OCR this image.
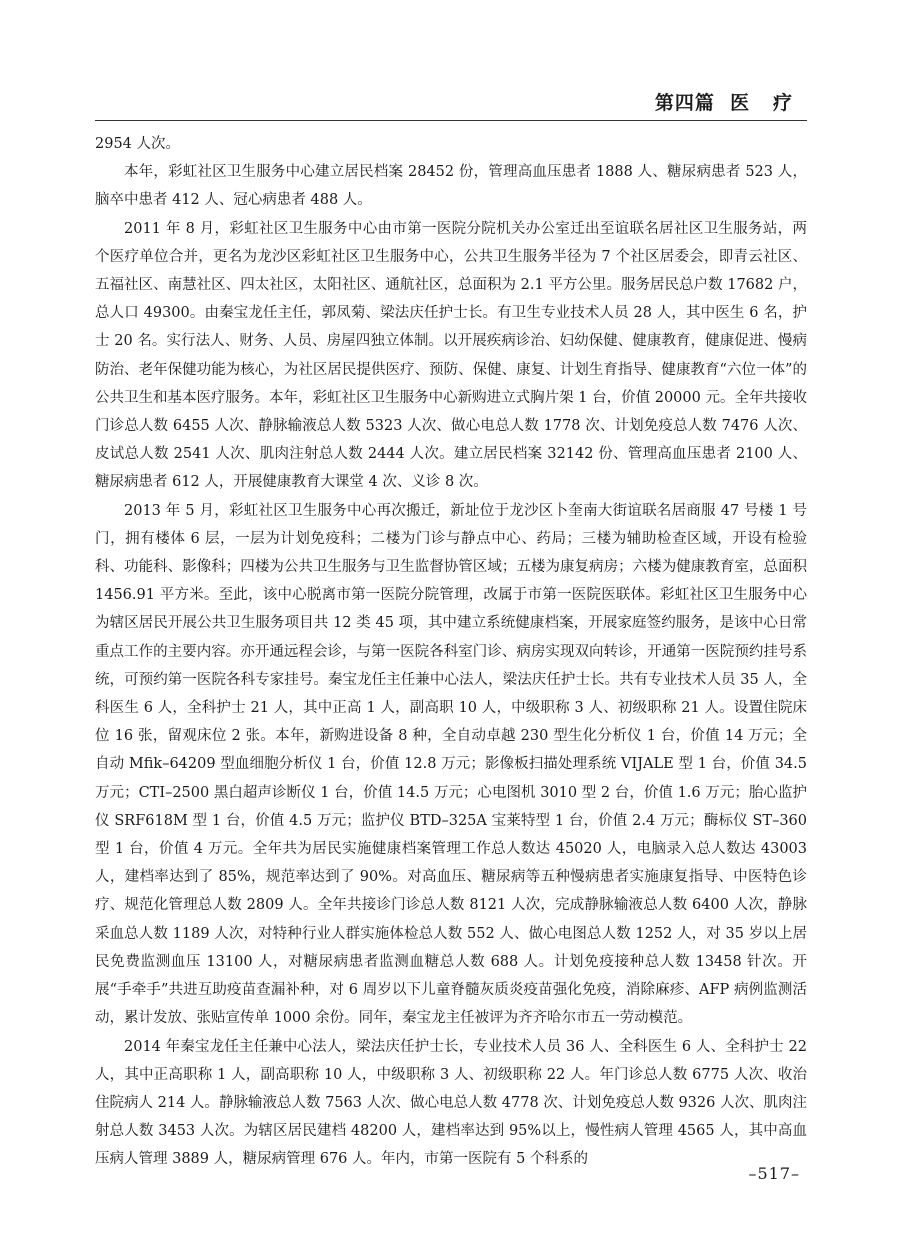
第四篇  医   疗

2954 人次。

本年，彩虹社区卫生服务中心建立居民档案 28452 份，管理高血压患者 1888 人、糖尿病患者 523 人，脑卒中患者 412 人、冠心病患者 488 人。

2011 年 8 月，彩虹社区卫生服务中心由市第一医院分院机关办公室迁出至谊联名居社区卫生服务站，两个医疗单位合并，更名为龙沙区彩虹社区卫生服务中心，公共卫生服务半径为 7 个社区居委会，即青云社区、五福社区、南慧社区、四太社区，太阳社区、通航社区，总面积为 2.1 平方公里。服务居民总户数 17682 户，总人口 49300。由秦宝龙任主任，郭凤菊、梁法庆任护士长。有卫生专业技术人员 28 人，其中医生 6 名，护士 20 名。实行法人、财务、人员、房屋四独立体制。以开展疾病诊治、妇幼保健、健康教育，健康促进、慢病防治、老年保健功能为核心，为社区居民提供医疗、预防、保健、康复、计划生育指导、健康教育“六位一体”的公共卫生和基本医疗服务。本年，彩虹社区卫生服务中心新购进立式胸片架 1 台，价值 20000 元。全年共接收门诊总人数 6455 人次、静脉输液总人数 5323 人次、做心电总人数 1778 次、计划免疫总人数 7476 人次、皮试总人数 2541 人次、肌肉注射总人数 2444 人次。建立居民档案 32142 份、管理高血压患者 2100 人、糖尿病患者 612 人，开展健康教育大课堂 4 次、义诊 8 次。

2013 年 5 月，彩虹社区卫生服务中心再次搬迁，新址位于龙沙区卜奎南大街谊联名居商服 47 号楼 1 号门，拥有楼体 6 层，一层为计划免疫科；二楼为门诊与静点中心、药局；三楼为辅助检查区域，开设有检验科、功能科、影像科；四楼为公共卫生服务与卫生监督协管区域；五楼为康复病房；六楼为健康教育室，总面积 1456.91 平方米。至此，该中心脱离市第一医院分院管理，改属于市第一医院医联体。彩虹社区卫生服务中心为辖区居民开展公共卫生服务项目共 12 类 45 项，其中建立系统健康档案，开展家庭签约服务，是该中心日常重点工作的主要内容。亦开通远程会诊，与第一医院各科室门诊、病房实现双向转诊，开通第一医院预约挂号系统，可预约第一医院各科专家挂号。秦宝龙任主任兼中心法人，梁法庆任护士长。共有专业技术人员 35 人，全科医生 6 人，全科护士 21 人，其中正高 1 人，副高职 10 人，中级职称 3 人、初级职称 21 人。设置住院床位 16 张，留观床位 2 张。本年，新购进设备 8 种，全自动卓越 230 型生化分析仪 1 台，价值 14 万元；全自动 Mfik–64209 型血细胞分析仪 1 台，价值 12.8 万元；影像板扫描处理系统 VIJALE 型 1 台，价值 34.5 万元；CTI–2500 黑白超声诊断仪 1 台，价值 14.5 万元；心电图机 3010 型 2 台，价值 1.6 万元；胎心监护仪 SRF618M 型 1 台，价值 4.5 万元；监护仪 BTD–325A 宝莱特型 1 台，价值 2.4 万元；酶标仪 ST–360 型 1 台，价值 4 万元。全年共为居民实施健康档案管理工作总人数达 45020 人，电脑录入总人数达 43003 人，建档率达到了 85%，规范率达到了 90%。对高血压、糖尿病等五种慢病患者实施康复指导、中医特色诊疗、规范化管理总人数 2809 人。全年共接诊门诊总人数 8121 人次，完成静脉输液总人数 6400 人次，静脉采血总人数 1189 人次，对特种行业人群实施体检总人数 552 人、做心电图总人数 1252 人，对 35 岁以上居民免费监测血压 13100 人，对糖尿病患者监测血糖总人数 688 人。计划免疫接种总人数 13458 针次。开展“手牵手”共进互助疫苗查漏补种，对 6 周岁以下儿童脊髓灰质炎疫苗强化免疫，消除麻疹、AFP 病例监测活动，累计发放、张贴宣传单 1000 余份。同年，秦宝龙主任被评为齐齐哈尔市五一劳动模范。

2014 年秦宝龙任主任兼中心法人，梁法庆任护士长，专业技术人员 36 人、全科医生 6 人、全科护士 22 人，其中正高职称 1 人，副高职称 10 人，中级职称 3 人、初级职称 22 人。年门诊总人数 6775 人次、收治住院病人 214 人。静脉输液总人数 7563 人次、做心电总人数 4778 次、计划免疫总人数 9326 人次、肌肉注射总人数 3453 人次。为辖区居民建档 48200 人，建档率达到 95%以上，慢性病人管理 4565 人，其中高血压病人管理 3889 人，糖尿病管理 676 人。年内，市第一医院有 5 个科系的

–517–
